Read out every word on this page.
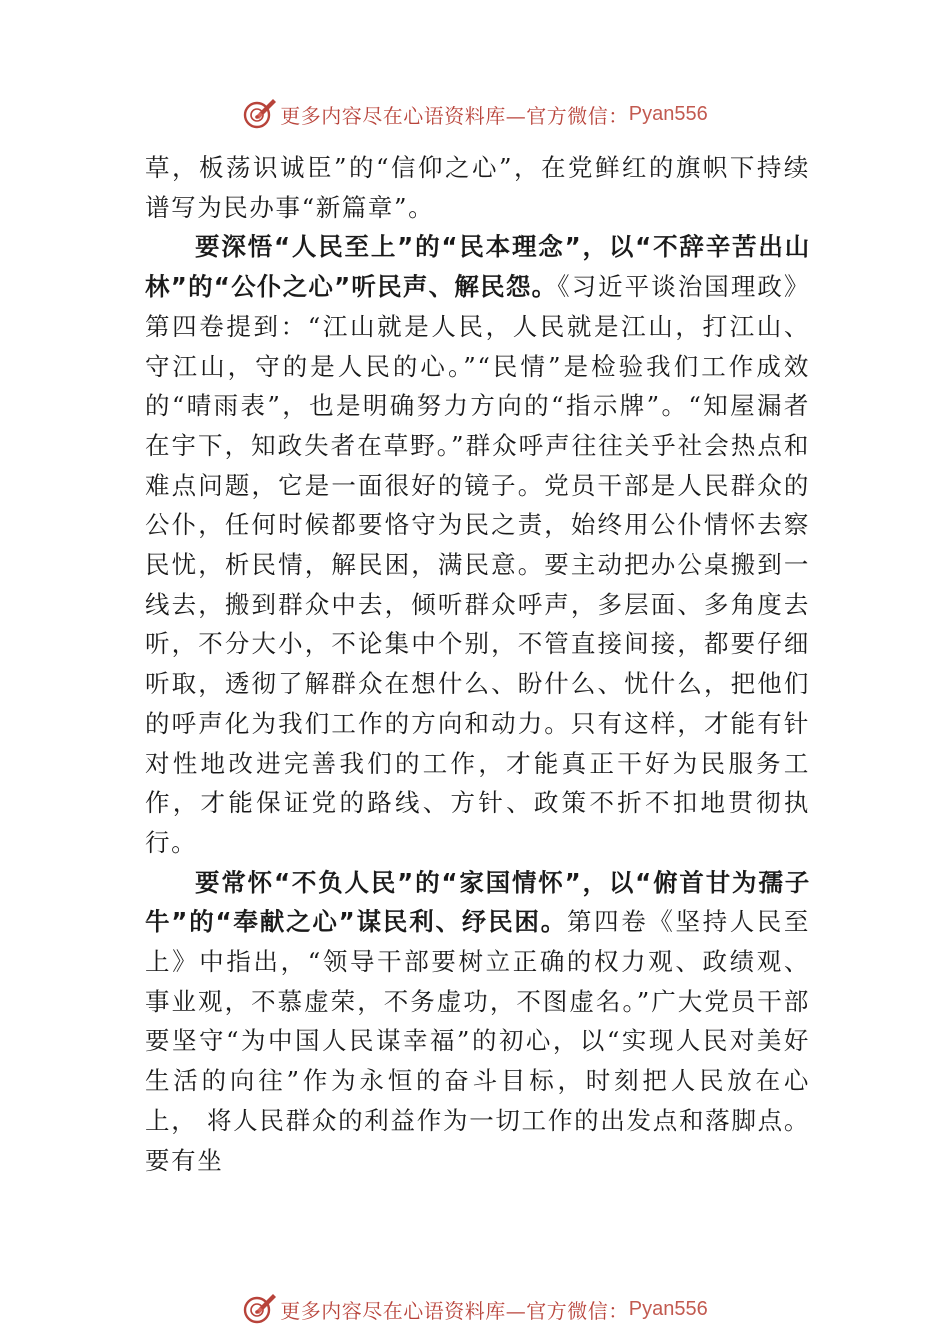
更多内容尽在心语资料库—官方微信： Pyan556

草，板荡识诚臣”的“信仰之心”，在党鲜红的旗帜下持续谱写为民办事“新篇章”。

要深悟“人民至上”的“民本理念”，以“不辞辛苦出山林”的“公仆之心”听民声、解民怨。《习近平谈治国理政》第四卷提到：“江山就是人民，人民就是江山，打江山、守江山，守的是人民的心。”“民情”是检验我们工作成效的“晴雨表”，也是明确努力方向的“指示牌”。“知屋漏者在宇下，知政失者在草野。”群众呼声往往关乎社会热点和难点问题，它是一面很好的镜子。党员干部是人民群众的公仆，任何时候都要恪守为民之责，始终用公仆情怀去察民忧，析民情，解民困，满民意。要主动把办公桌搬到一线去，搬到群众中去，倾听群众呼声，多层面、多角度去听，不分大小，不论集中个别，不管直接间接，都要仔细听取，透彻了解群众在想什么、盼什么、忧什么，把他们的呼声化为我们工作的方向和动力。只有这样，才能有针对性地改进完善我们的工作，才能真正干好为民服务工作，才能保证党的路线、方针、政策不折不扣地贯彻执行。

要常怀“不负人民”的“家国情怀”，以“俯首甘为孺子牛”的“奉献之心”谋民利、纾民困。第四卷《坚持人民至上》中指出，“领导干部要树立正确的权力观、政绩观、 事业观，不慕虚荣，不务虚功，不图虚名。”广大党员干部要坚守“为中国人民谋幸福”的初心，以“实现人民对美好生活的向往”作为永恒的奋斗目标，时刻把人民放在心上， 将人民群众的利益作为一切工作的出发点和落脚点。要有坐

更多内容尽在心语资料库—官方微信： Pyan556
